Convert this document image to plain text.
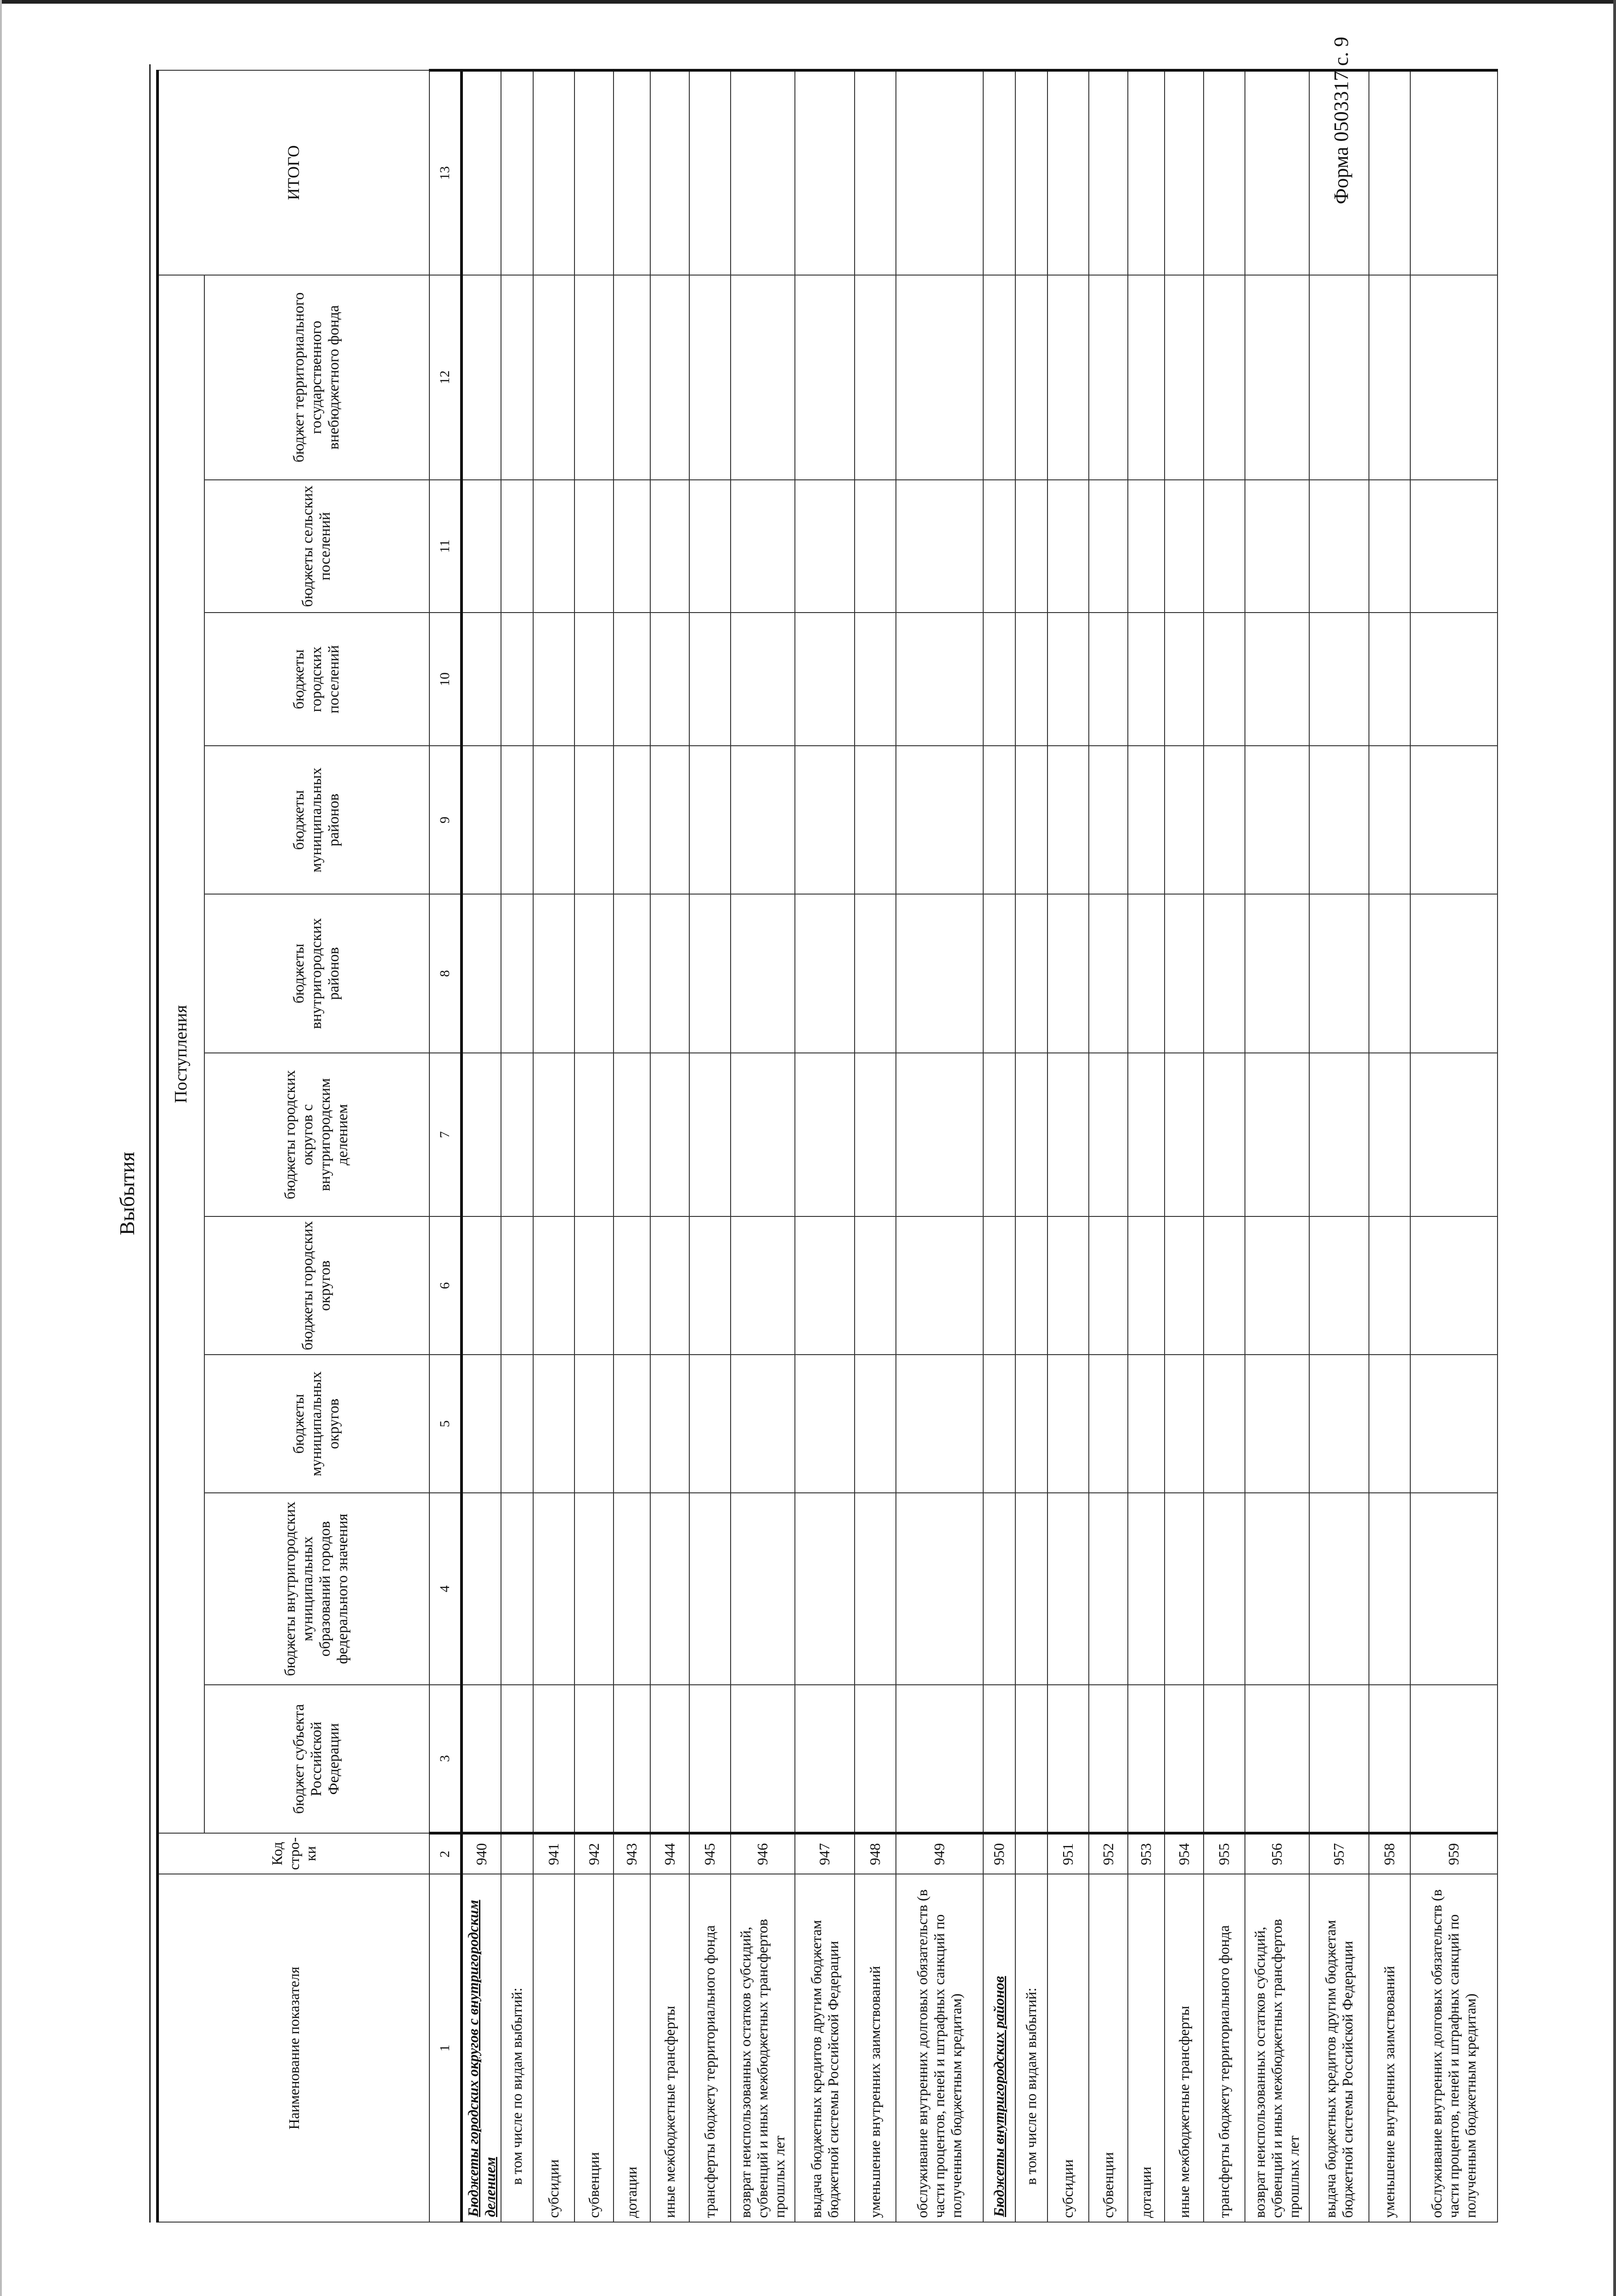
Форма 0503317 с. 9
Выбытия
Наименование показателя	Код стро-ки	Поступления										ИТОГО
		бюджет субъекта Российской Федерации	бюджеты внутригородских муниципальных образований городов федерального значения	бюджеты муниципальных округов	бюджеты городских округов	бюджеты городских округов с внутригородским делением	бюджеты внутригородских районов	бюджеты муниципальных районов	бюджеты городских поселений	бюджеты сельских поселений	бюджет территориального государственного внебюджетного фонда	
1	2	3	4	5	6	7	8	9	10	11	12	13
Бюджеты городских округов с внутригородским делением	940											
в том числе по видам выбытий:												
субсидии	941											
субвенции	942											
дотации	943											
иные межбюджетные трансферты	944											
трансферты бюджету территориального фонда	945											
возврат неиспользованных остатков субсидий, субвенций и иных межбюджетных трансфертов прошлых лет	946											
выдача бюджетных кредитов другим бюджетам бюджетной системы Российской Федерации	947											
уменьшение внутренних заимствований	948											
обслуживание внутренних долговых обязательств (в части процентов, пеней и штрафных санкций по полученным бюджетным кредитам)	949											
Бюджеты внутригородских районов	950											
в том числе по видам выбытий:												
субсидии	951											
субвенции	952											
дотации	953											
иные межбюджетные трансферты	954											
трансферты бюджету территориального фонда	955											
возврат неиспользованных остатков субсидий, субвенций и иных межбюджетных трансфертов прошлых лет	956											
выдача бюджетных кредитов другим бюджетам бюджетной системы Российской Федерации	957											
уменьшение внутренних заимствований	958											
обслуживание внутренних долговых обязательств (в части процентов, пеней и штрафных санкций по полученным бюджетным кредитам)	959											
